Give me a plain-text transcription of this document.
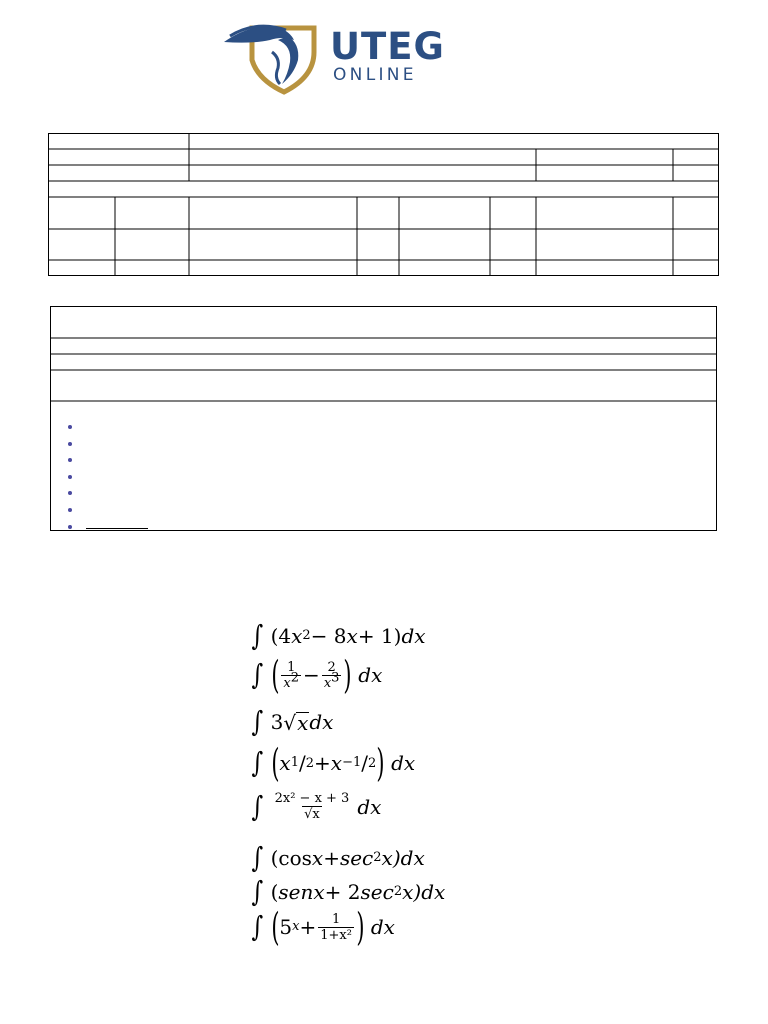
UTEG
ONLINE
∫ (4 x 2 − 8 x + 1) dx
∫ ( $\frac{1}{x2} - \frac{2}{x3}$ ) dx
∫ 3 √ x dx
∫ ( x 1 / 2 + x −1 / 2 ) dx
∫ $\frac{\text{2x² − x + 3}}{√x}$ dx
∫ (cos x + sec 2 x) dx
∫ ( senx + 2 sec 2 x) dx
∫ ( 5 $x + \frac{1}{\text{1+x²}}$ ) dx
